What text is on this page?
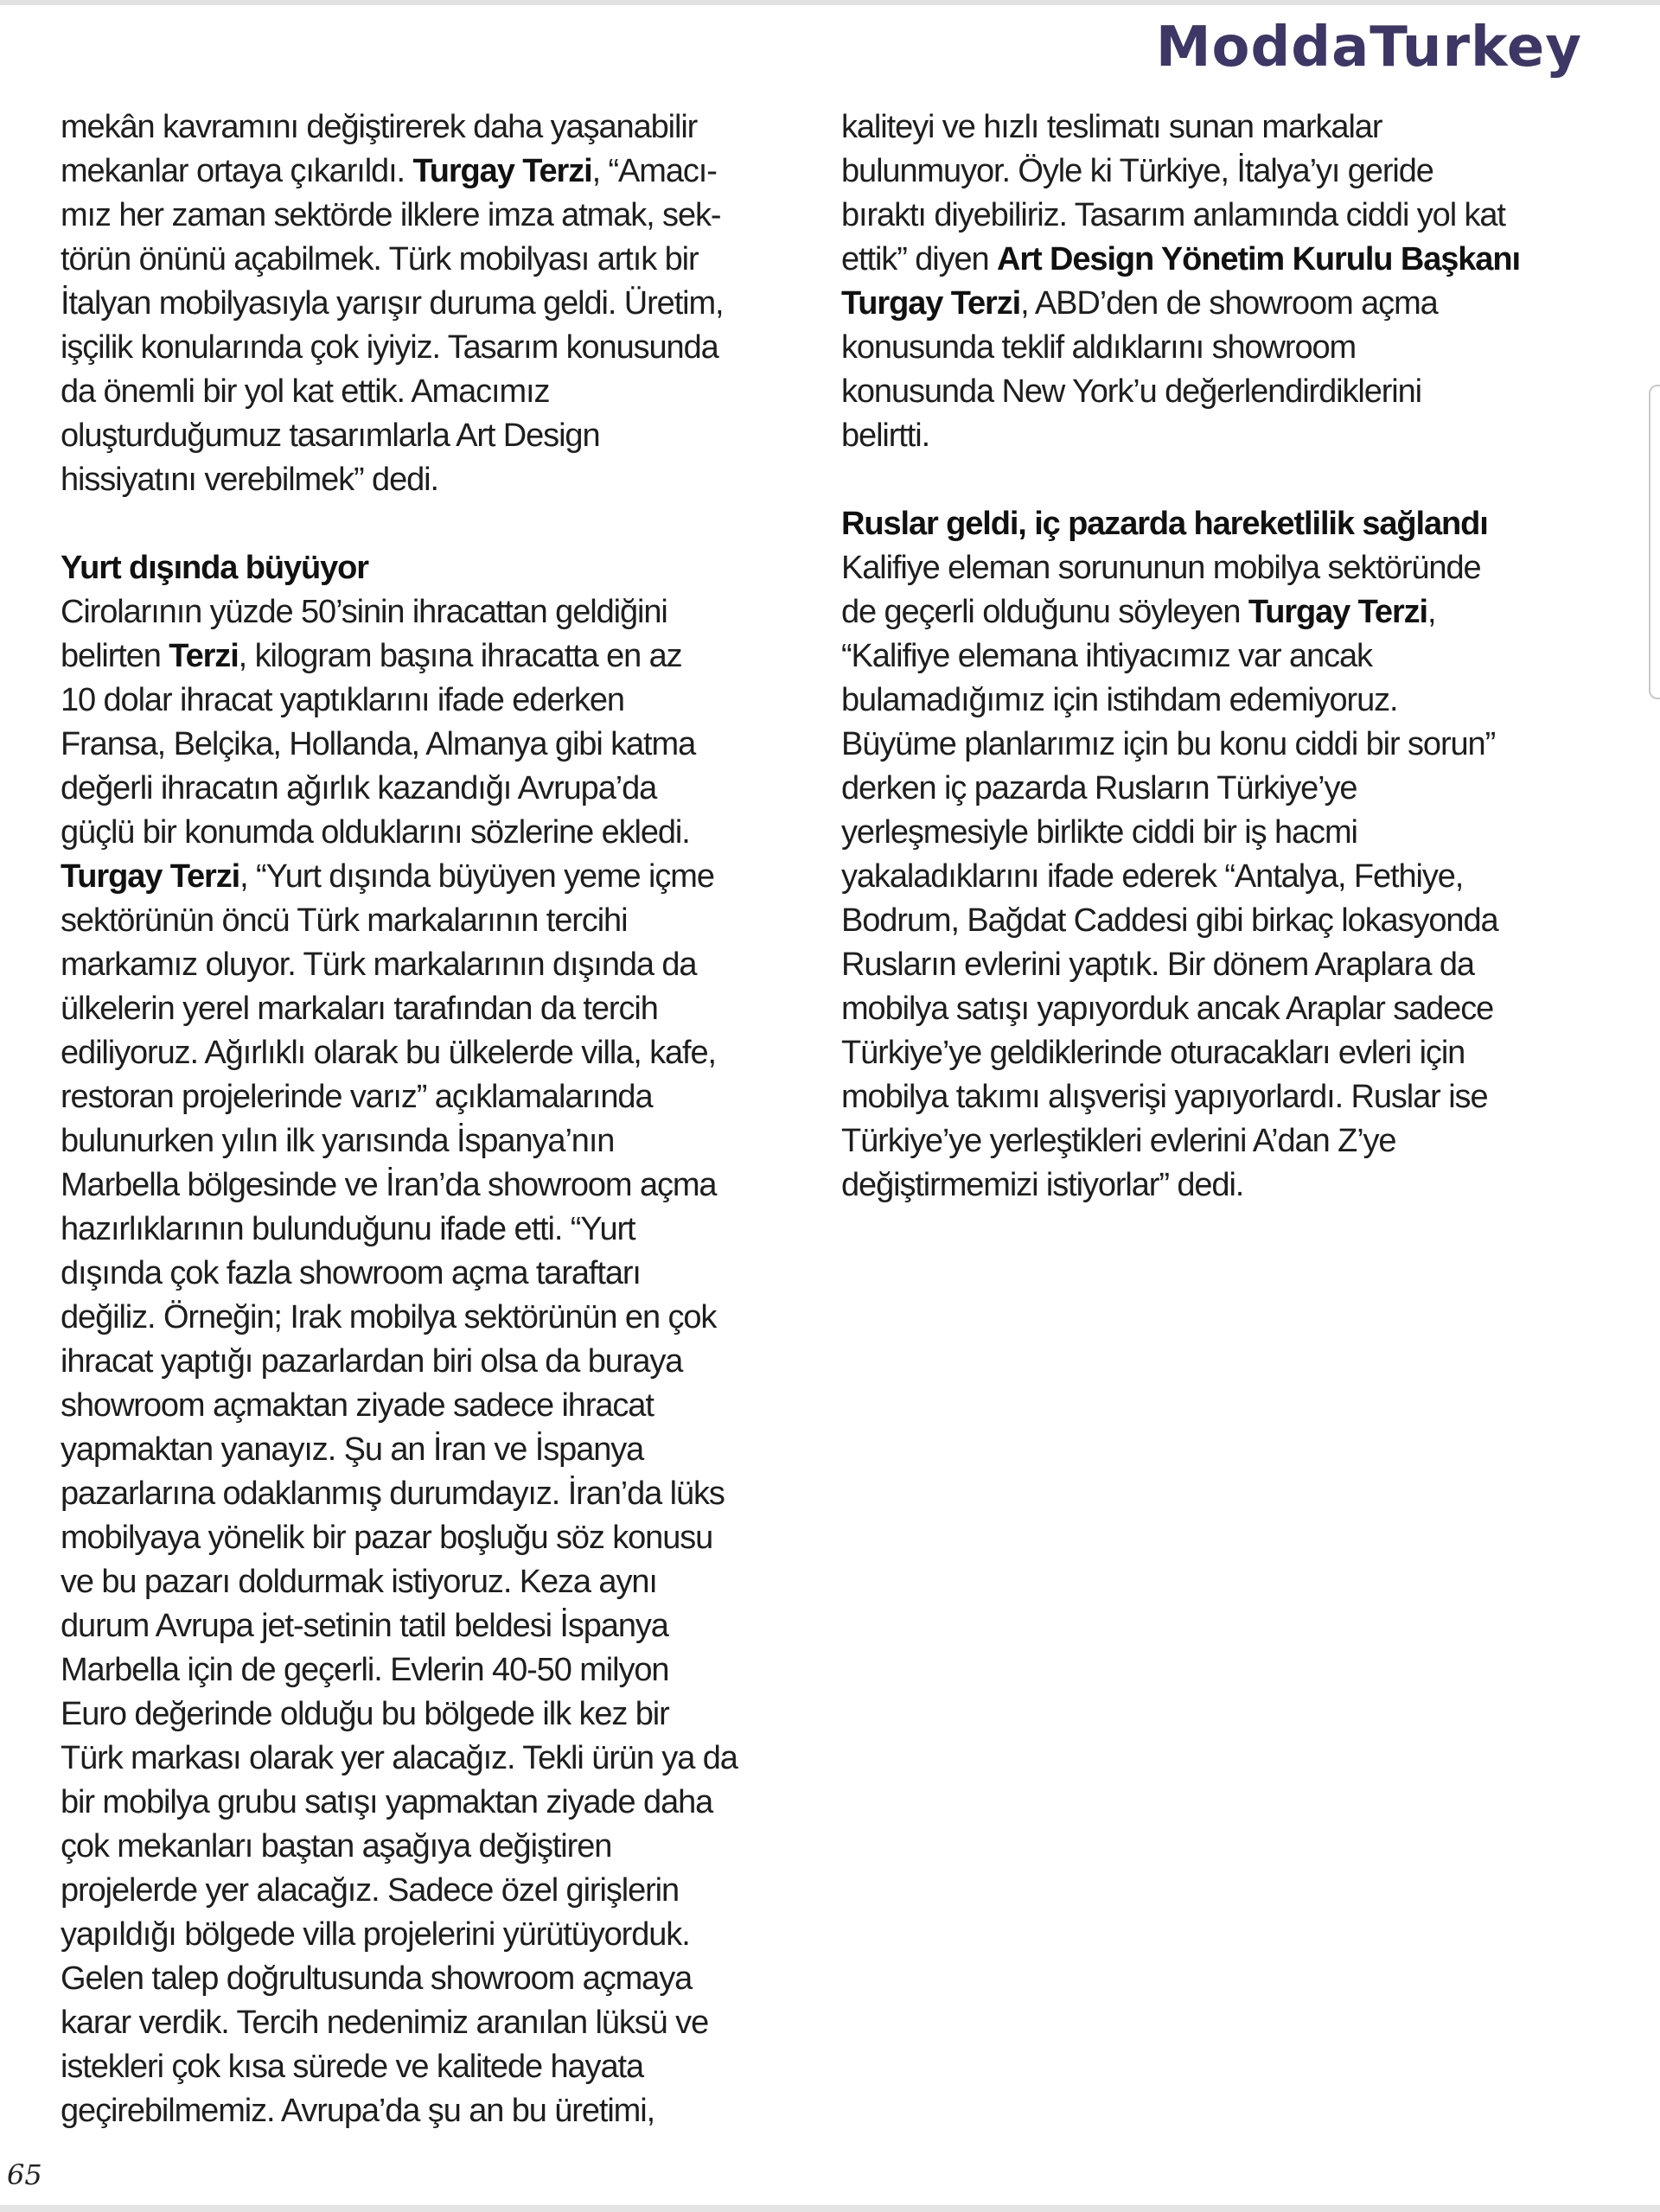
ModdaTurkey
mekân kavramını değiştirerek daha yaşanabilir
mekanlar ortaya çıkarıldı. Turgay Terzi, “Amacı-
mız her zaman sektörde ilklere imza atmak, sek-
törün önünü açabilmek. Türk mobilyası artık bir
İtalyan mobilyasıyla yarışır duruma geldi. Üretim,
işçilik konularında çok iyiyiz. Tasarım konusunda
da önemli bir yol kat ettik. Amacımız
oluşturduğumuz tasarımlarla Art Design
hissiyatını verebilmek” dedi.
Yurt dışında büyüyor
Cirolarının yüzde 50’sinin ihracattan geldiğini
belirten Terzi, kilogram başına ihracatta en az
10 dolar ihracat yaptıklarını ifade ederken
Fransa, Belçika, Hollanda, Almanya gibi katma
değerli ihracatın ağırlık kazandığı Avrupa’da
güçlü bir konumda olduklarını sözlerine ekledi.
Turgay Terzi, “Yurt dışında büyüyen yeme içme
sektörünün öncü Türk markalarının tercihi
markamız oluyor. Türk markalarının dışında da
ülkelerin yerel markaları tarafından da tercih
ediliyoruz. Ağırlıklı olarak bu ülkelerde villa, kafe,
restoran projelerinde varız” açıklamalarında
bulunurken yılın ilk yarısında İspanya’nın
Marbella bölgesinde ve İran’da showroom açma
hazırlıklarının bulunduğunu ifade etti. “Yurt
dışında çok fazla showroom açma taraftarı
değiliz. Örneğin; Irak mobilya sektörünün en çok
ihracat yaptığı pazarlardan biri olsa da buraya
showroom açmaktan ziyade sadece ihracat
yapmaktan yanayız. Şu an İran ve İspanya
pazarlarına odaklanmış durumdayız. İran’da lüks
mobilyaya yönelik bir pazar boşluğu söz konusu
ve bu pazarı doldurmak istiyoruz. Keza aynı
durum Avrupa jet-setinin tatil beldesi İspanya
Marbella için de geçerli. Evlerin 40-50 milyon
Euro değerinde olduğu bu bölgede ilk kez bir
Türk markası olarak yer alacağız. Tekli ürün ya da
bir mobilya grubu satışı yapmaktan ziyade daha
çok mekanları baştan aşağıya değiştiren
projelerde yer alacağız. Sadece özel girişlerin
yapıldığı bölgede villa projelerini yürütüyorduk.
Gelen talep doğrultusunda showroom açmaya
karar verdik. Tercih nedenimiz aranılan lüksü ve
istekleri çok kısa sürede ve kalitede hayata
geçirebilmemiz. Avrupa’da şu an bu üretimi,
kaliteyi ve hızlı teslimatı sunan markalar
bulunmuyor. Öyle ki Türkiye, İtalya’yı geride
bıraktı diyebiliriz. Tasarım anlamında ciddi yol kat
ettik” diyen Art Design Yönetim Kurulu Başkanı
Turgay Terzi, ABD’den de showroom açma
konusunda teklif aldıklarını showroom
konusunda New York’u değerlendirdiklerini
belirtti.
Ruslar geldi, iç pazarda hareketlilik sağlandı
Kalifiye eleman sorununun mobilya sektöründe
de geçerli olduğunu söyleyen Turgay Terzi,
“Kalifiye elemana ihtiyacımız var ancak
bulamadığımız için istihdam edemiyoruz.
Büyüme planlarımız için bu konu ciddi bir sorun”
derken iç pazarda Rusların Türkiye’ye
yerleşmesiyle birlikte ciddi bir iş hacmi
yakaladıklarını ifade ederek “Antalya, Fethiye,
Bodrum, Bağdat Caddesi gibi birkaç lokasyonda
Rusların evlerini yaptık. Bir dönem Araplara da
mobilya satışı yapıyorduk ancak Araplar sadece
Türkiye’ye geldiklerinde oturacakları evleri için
mobilya takımı alışverişi yapıyorlardı. Ruslar ise
Türkiye’ye yerleştikleri evlerini A’dan Z’ye
değiştirmemizi istiyorlar” dedi.
65
